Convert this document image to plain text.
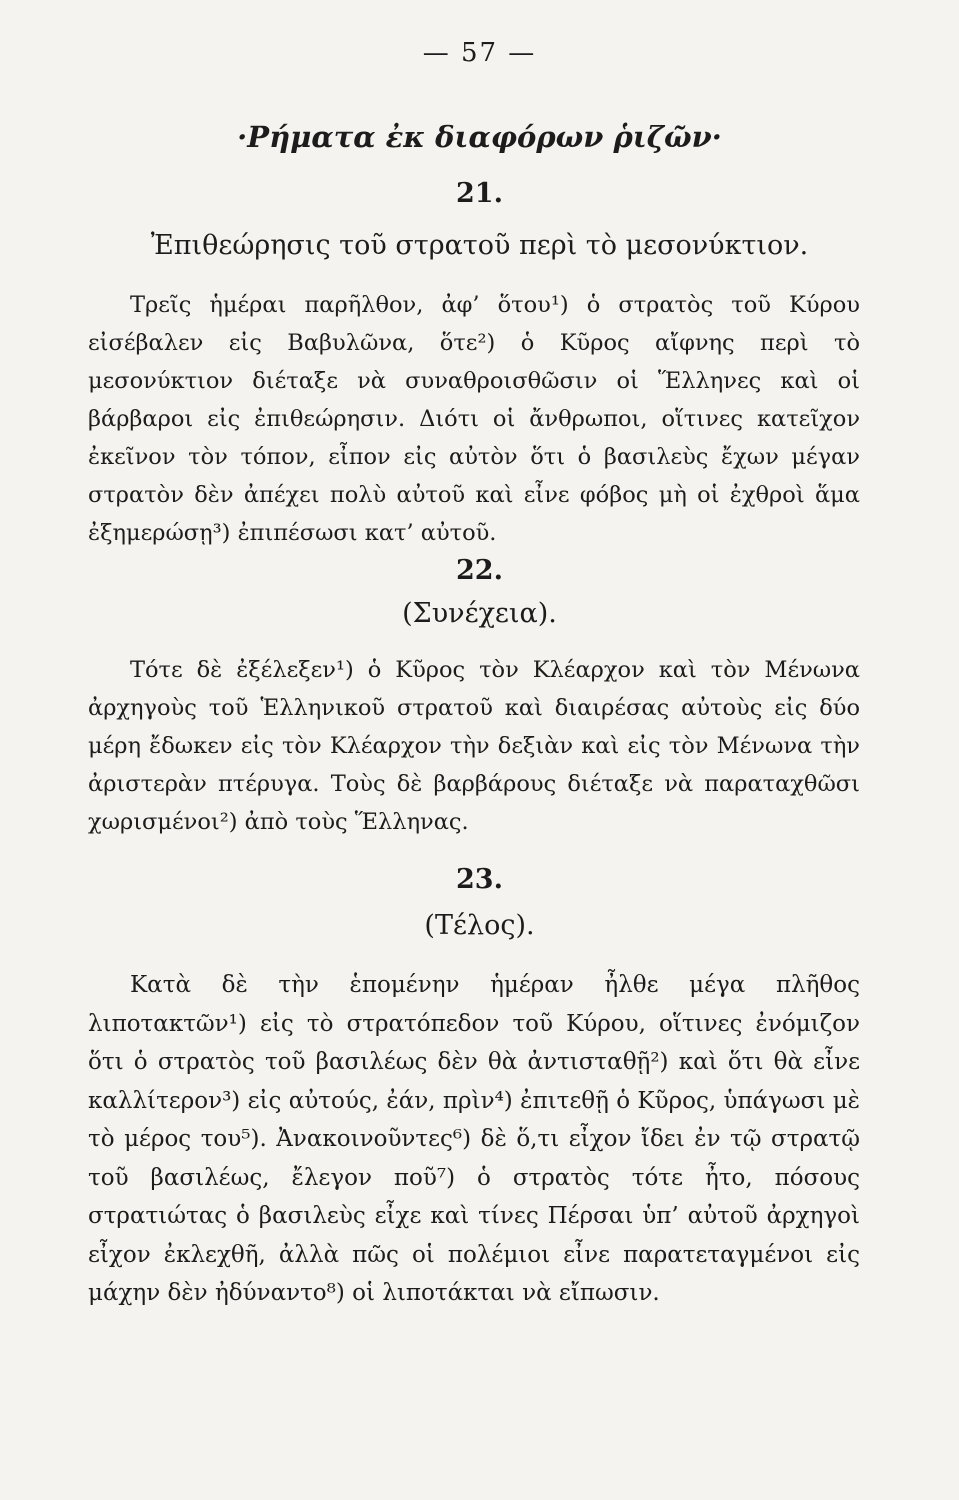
— 57 —
·Ρήματα ἐκ διαφόρων ῥιζῶν·
21.
Ἐπιθεώρησις τοῦ στρατοῦ περὶ τὸ μεσονύκτιον.

Τρεῖς ἡμέραι παρῆλθον, ἀφ’ ὅτου¹) ὁ στρατὸς τοῦ Κύρου εἰσέβαλεν εἰς Βαβυλῶνα, ὅτε²) ὁ Κῦρος αἴφνης περὶ τὸ μεσονύκτιον διέταξε νὰ συναθροισθῶσιν οἱ Ἕλληνες καὶ οἱ βάρβαροι εἰς ἐπιθεώρησιν. Διότι οἱ ἄνθρωποι, οἵτινες κατεῖχον ἐκεῖνον τὸν τόπον, εἶπον εἰς αὐτὸν ὅτι ὁ βασιλεὺς ἔχων μέγαν στρατὸν δὲν ἀπέχει πολὺ αὐτοῦ καὶ εἶνε φόβος μὴ οἱ ἐχθροὶ ἅμα ἐξημερώσῃ³) ἐπιπέσωσι κατ’ αὐτοῦ.

22.
(Συνέχεια).

Τότε δὲ ἐξέλεξεν¹) ὁ Κῦρος τὸν Κλέαρχον καὶ τὸν Μένωνα ἀρχηγοὺς τοῦ Ἑλληνικοῦ στρατοῦ καὶ διαιρέσας αὐτοὺς εἰς δύο μέρη ἔδωκεν εἰς τὸν Κλέαρχον τὴν δεξιὰν καὶ εἰς τὸν Μένωνα τὴν ἀριστερὰν πτέρυγα. Τοὺς δὲ βαρβάρους διέταξε νὰ παραταχθῶσι χωρισμένοι²) ἀπὸ τοὺς Ἕλληνας.

23.
(Τέλος).

Κατὰ δὲ τὴν ἑπομένην ἡμέραν ἦλθε μέγα πλῆθος λιποτακτῶν¹) εἰς τὸ στρατόπεδον τοῦ Κύρου, οἵτινες ἐνόμιζον ὅτι ὁ στρατὸς τοῦ βασιλέως δὲν θὰ ἀντισταθῇ²) καὶ ὅτι θὰ εἶνε καλλίτερον³) εἰς αὐτούς, ἐάν, πρὶν⁴) ἐπιτεθῇ ὁ Κῦρος, ὑπάγωσι μὲ τὸ μέρος του⁵). Ἀνακοινοῦντες⁶) δὲ ὅ,τι εἶχον ἴδει ἐν τῷ στρατῷ τοῦ βασιλέως, ἔλεγον ποῦ⁷) ὁ στρατὸς τότε ἦτο, πόσους στρατιώτας ὁ βασιλεὺς εἶχε καὶ τίνες Πέρσαι ὑπ’ αὐτοῦ ἀρχηγοὶ εἶχον ἐκλεχθῆ, ἀλλὰ πῶς οἱ πολέμιοι εἶνε παρατεταγμένοι εἰς μάχην δὲν ἠδύναντο⁸) οἱ λιποτάκται νὰ εἴπωσιν.
